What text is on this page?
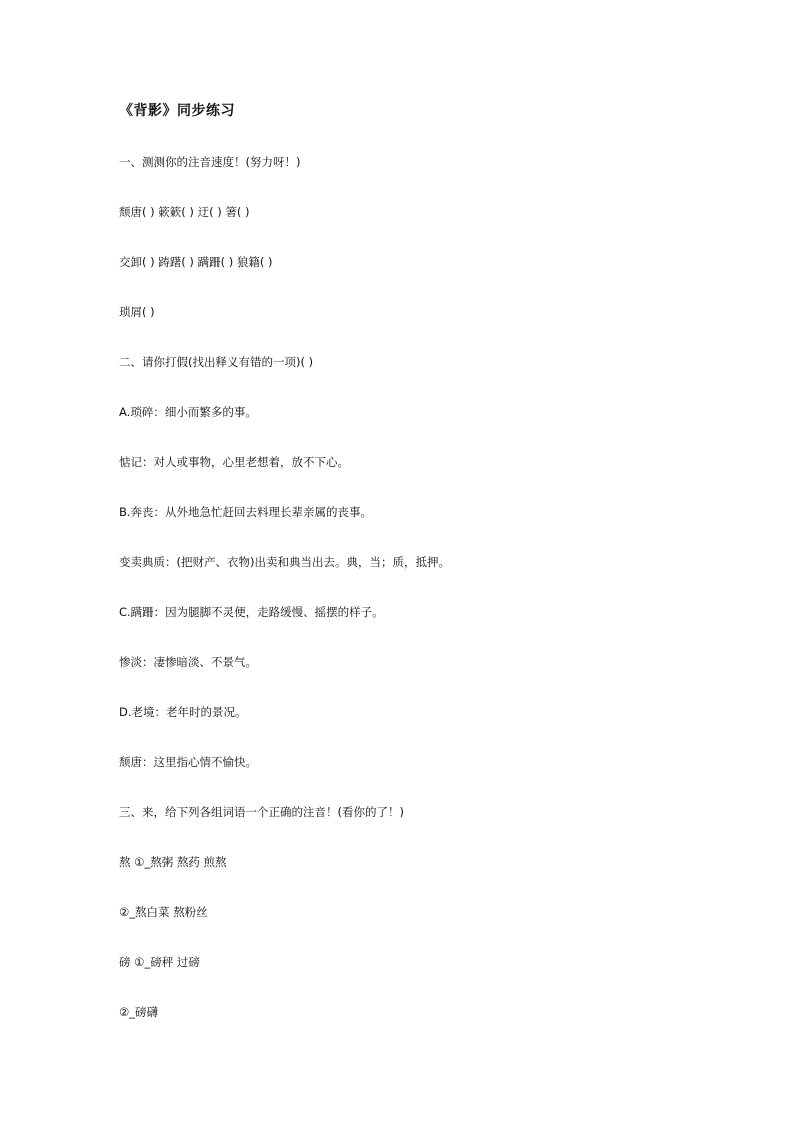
《背影》同步练习
一、测测你的注音速度！(努力呀！)
颓唐( ) 簌簌( ) 迂( ) 箸( )
交卸( ) 踌躇( ) 蹒跚( ) 狼籍( )
琐屑( )
二、请你打假(找出释义有错的一项)( )
A.琐碎：细小而繁多的事。
惦记：对人或事物，心里老想着，放不下心。
B.奔丧：从外地急忙赶回去料理长辈亲属的丧事。
变卖典质：(把财产、衣物)出卖和典当出去。典，当；质，抵押。
C.蹒跚：因为腿脚不灵便，走路缓慢、摇摆的样子。
惨淡：凄惨暗淡、不景气。
D.老境：老年时的景况。
颓唐：这里指心情不愉快。
三、来，给下列各组词语一个正确的注音！(看你的了！)
熬 ①_熬粥 熬药 煎熬
②_熬白菜 熬粉丝
磅 ①_磅秤 过磅
②_磅礴
